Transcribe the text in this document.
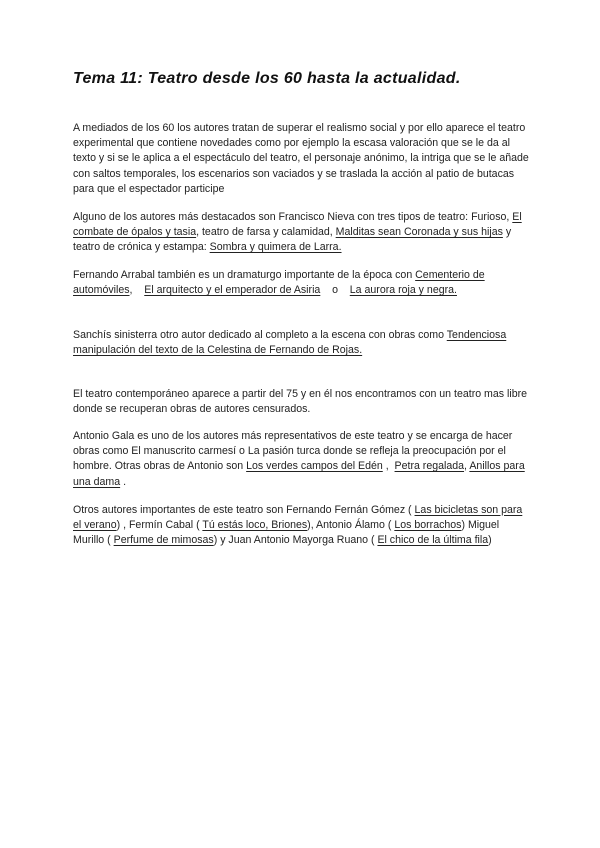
Tema 11: Teatro desde los 60 hasta la actualidad.

A mediados de los 60 los autores tratan de superar el realismo social y por ello aparece el teatro experimental que contiene novedades como por ejemplo la escasa valoración que se le da al texto y si se le aplica a el espectáculo del teatro, el personaje anónimo, la intriga que se le añade con saltos temporales, los escenarios son vaciados y se traslada la acción al patio de butacas para que el espectador participe

Alguno de los autores más destacados son Francisco Nieva con tres tipos de teatro: Furioso, El combate de ópalos y tasia, teatro de farsa y calamidad, Malditas sean Coronada y sus hijas y teatro de crónica y estampa: Sombra y quimera de Larra.

Fernando Arrabal también es un dramaturgo importante de la época con Cementerio de automóviles,    El arquitecto y el emperador de Asiria    o    La aurora roja y negra.

Sanchís sinisterra otro autor dedicado al completo a la escena con obras como Tendenciosa manipulación del texto de la Celestina de Fernando de Rojas.

El teatro contemporáneo aparece a partir del 75 y en él nos encontramos con un teatro mas libre donde se recuperan obras de autores censurados.

Antonio Gala es uno de los autores más representativos de este teatro y se encarga de hacer obras como El manuscrito carmesí o La pasión turca donde se refleja la preocupación por el hombre. Otras obras de Antonio son Los verdes campos del Edén ,  Petra regalada, Anillos para una dama .

Otros autores importantes de este teatro son Fernando Fernán Gómez ( Las bicicletas son para el verano) , Fermín Cabal ( Tú estás loco, Briones), Antonio Álamo ( Los borrachos) Miguel Murillo ( Perfume de mimosas) y Juan Antonio Mayorga Ruano ( El chico de la última fila)
